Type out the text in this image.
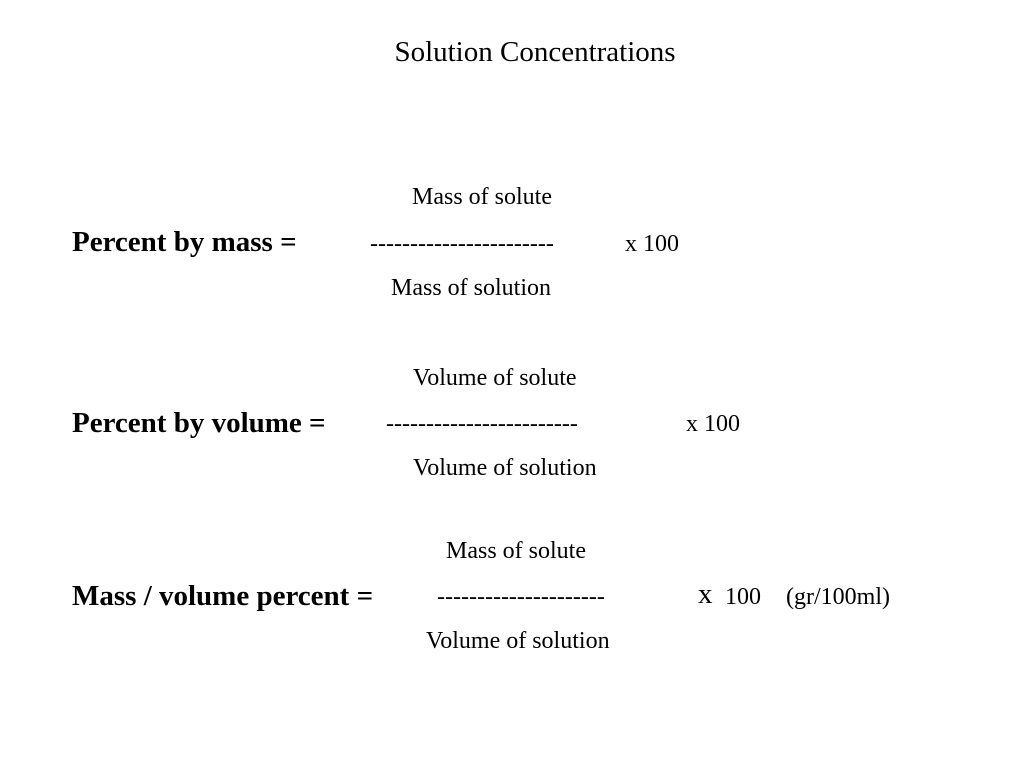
Solution Concentrations
Mass of solute
Percent by mass =	-----------------------	x 100
Mass of solution
Volume of solute
Percent by volume =	------------------------	x 100
Volume of solution
Mass of solute
Mass / volume percent =	---------------------	x 100 (gr/100ml)
Volume of solution
